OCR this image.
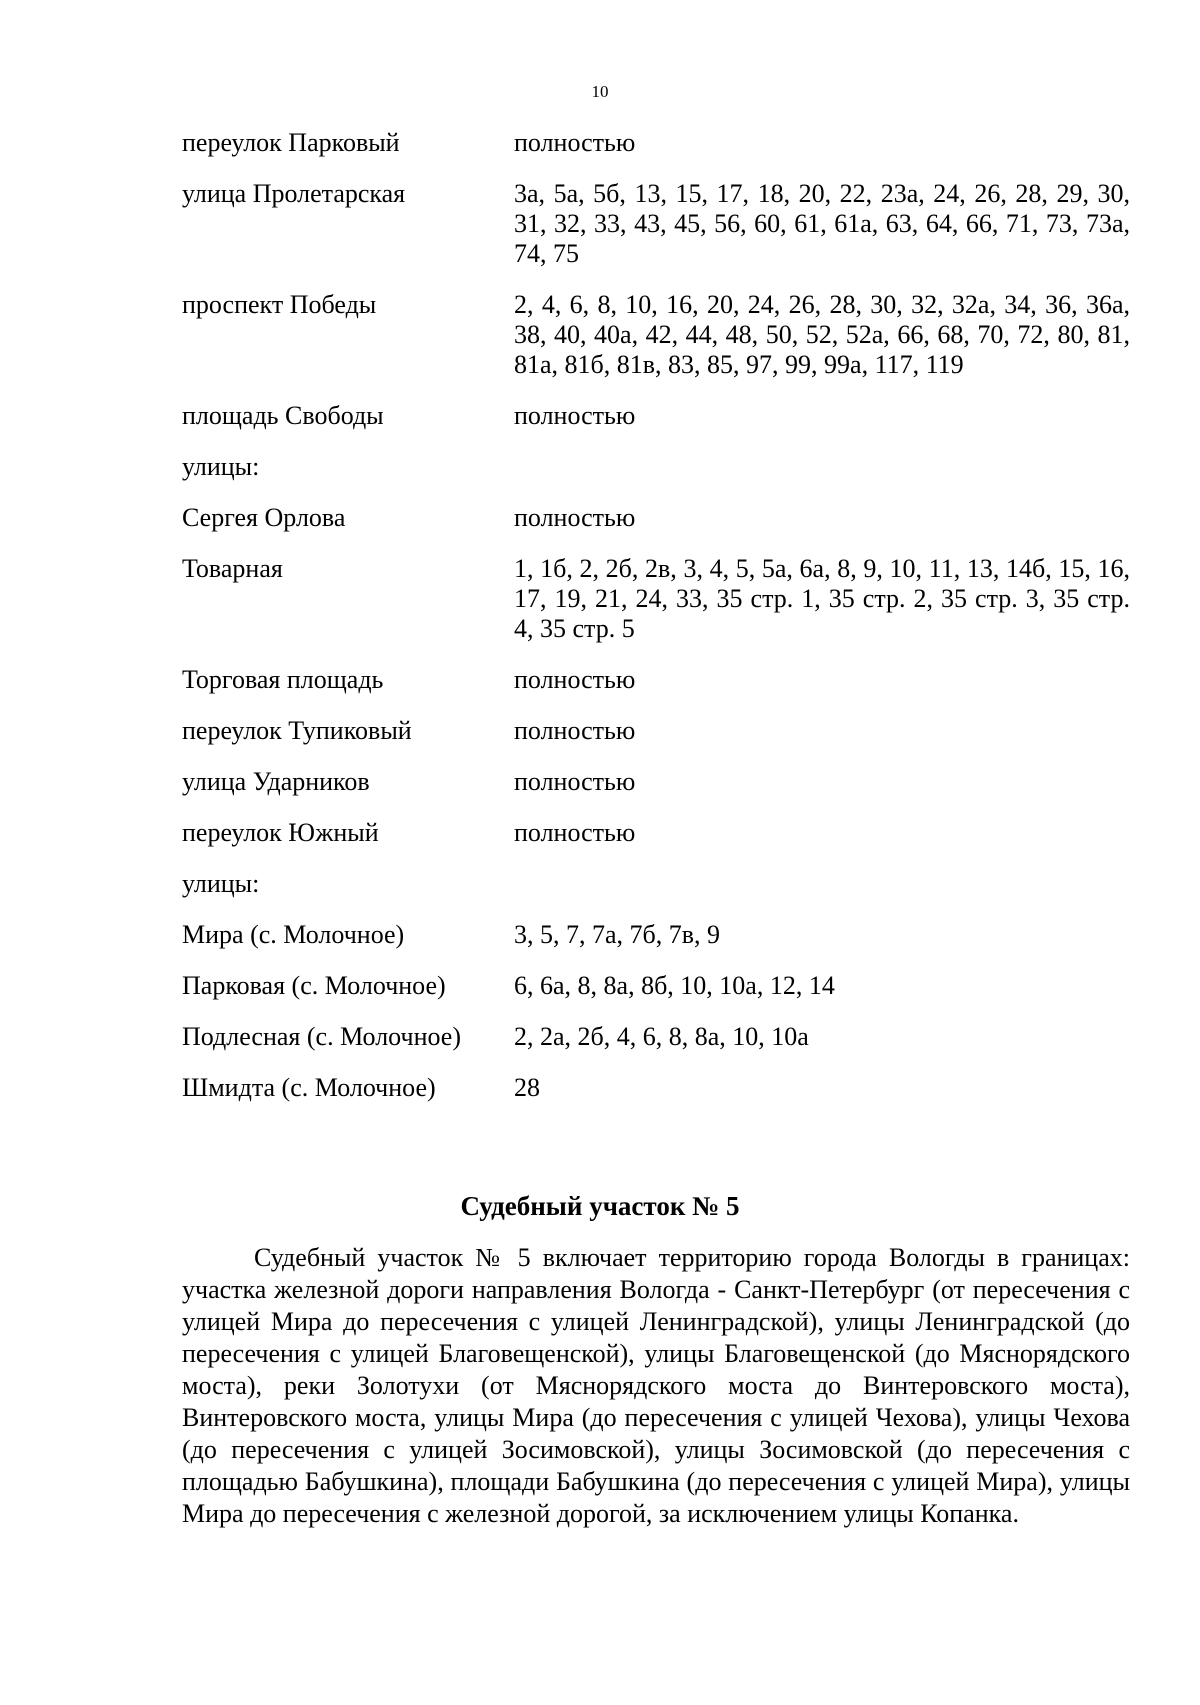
10
переулок Парковый	полностью
улица Пролетарская	3а, 5а, 5б, 13, 15, 17, 18, 20, 22, 23а, 24, 26, 28, 29, 30, 31, 32, 33, 43, 45, 56, 60, 61, 61а, 63, 64, 66, 71, 73, 73а, 74, 75
проспект Победы	2, 4, 6, 8, 10, 16, 20, 24, 26, 28, 30, 32, 32а, 34, 36, 36а, 38, 40, 40а, 42, 44, 48, 50, 52, 52а, 66, 68, 70, 72, 80, 81, 81а, 81б, 81в, 83, 85, 97, 99, 99а, 117, 119
площадь Свободы	полностью
улицы:
Сергея Орлова	полностью
Товарная	1, 1б, 2, 2б, 2в, 3, 4, 5, 5а, 6а, 8, 9, 10, 11, 13, 14б, 15, 16, 17, 19, 21, 24, 33, 35 стр. 1, 35 стр. 2, 35 стр. 3, 35 стр. 4, 35 стр. 5
Торговая площадь	полностью
переулок Тупиковый	полностью
улица Ударников	полностью
переулок Южный	полностью
улицы:
Мира (с. Молочное)	3, 5, 7, 7а, 7б, 7в, 9
Парковая (с. Молочное)	6, 6а, 8, 8а, 8б, 10, 10а, 12, 14
Подлесная (с. Молочное)	2, 2а, 2б, 4, 6, 8, 8а, 10, 10а
Шмидта (с. Молочное)	28
Судебный участок № 5

Судебный участок № 5 включает территорию города Вологды в границах: участка железной дороги направления Вологда - Санкт-Петербург (от пересечения с улицей Мира до пересечения с улицей Ленинградской), улицы Ленинградской (до пересечения с улицей Благовещенской), улицы Благовещенской (до Мяснорядского моста), реки Золотухи (от Мяснорядского моста до Винтеровского моста), Винтеровского моста, улицы Мира (до пересечения с улицей Чехова), улицы Чехова (до пересечения с улицей Зосимовской), улицы Зосимовской (до пересечения с площадью Бабушкина), площади Бабушкина (до пересечения с улицей Мира), улицы Мира до пересечения с железной дорогой, за исключением улицы Копанка.
